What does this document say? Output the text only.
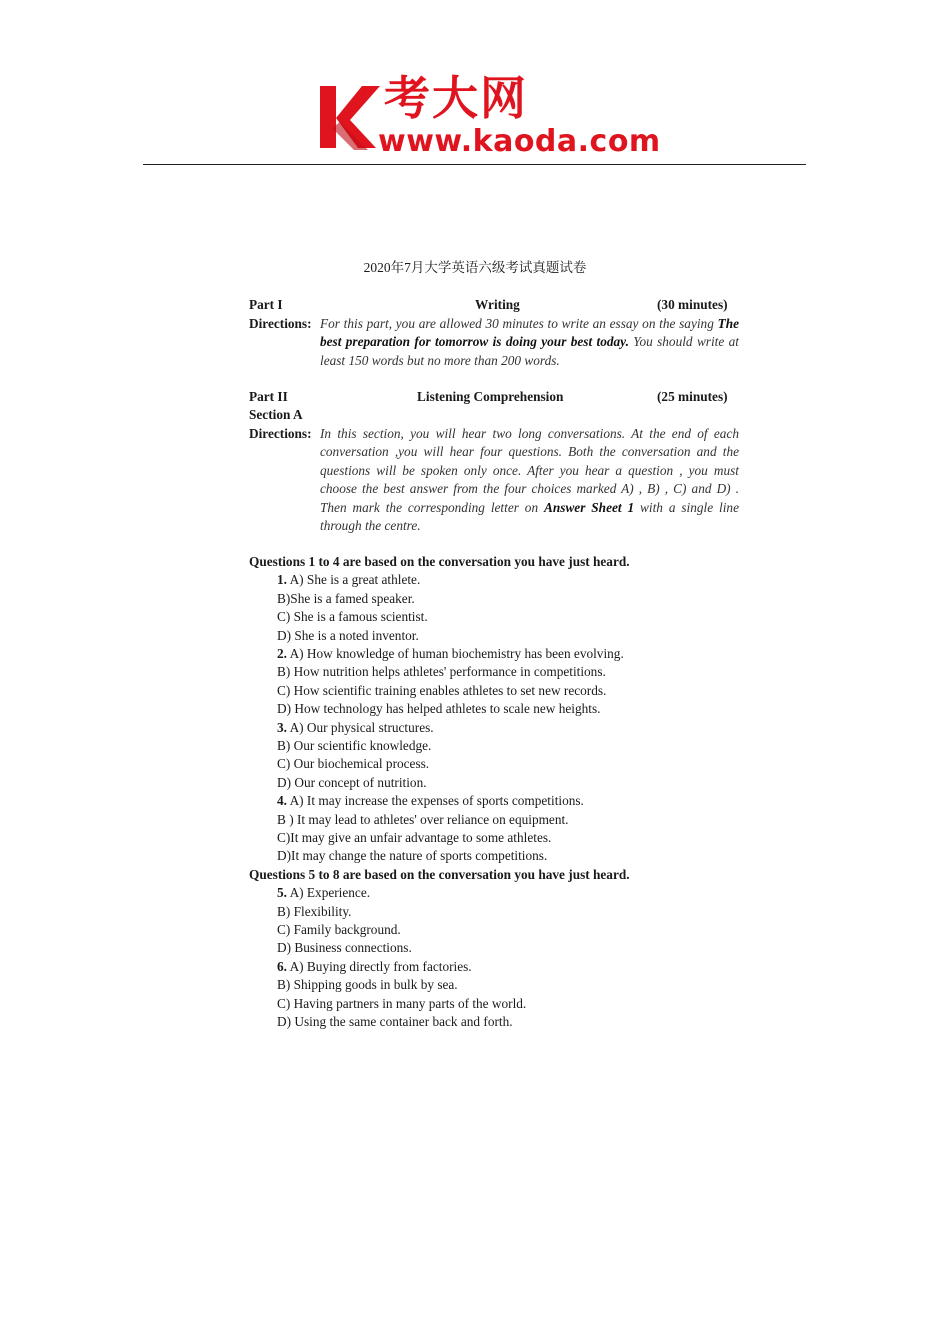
考大网
www.kaoda.com
2020年7月大学英语六级考试真题试卷
Part I	Writing	(30 minutes)
Directions: For this part, you are allowed 30 minutes to write an essay on the saying The best preparation for tomorrow is doing your best today. You should write at least 150 words but no more than 200 words.
Part II	Listening Comprehension	(25 minutes)
Section A
Directions: In this section, you will hear two long conversations. At the end of each conversation ,you will hear four questions. Both the conversation and the questions will be spoken only once. After you hear a question , you must choose the best answer from the four choices marked A) , B) , C) and D) . Then mark the corresponding letter on Answer Sheet 1 with a single line through the centre.
Questions 1 to 4 are based on the conversation you have just heard.
1. A) She is a great athlete.
B)She is a famed speaker.
C) She is a famous scientist.
D) She is a noted inventor.
2. A) How knowledge of human biochemistry has been evolving.
B) How nutrition helps athletes' performance in competitions.
C) How scientific training enables athletes to set new records.
D) How technology has helped athletes to scale new heights.
3. A) Our physical structures.
B) Our scientific knowledge.
C) Our biochemical process.
D) Our concept of nutrition.
4. A) It may increase the expenses of sports competitions.
B ) It may lead to athletes' over reliance on equipment.
C)It may give an unfair advantage to some athletes.
D)It may change the nature of sports competitions.
Questions 5 to 8 are based on the conversation you have just heard.
5. A) Experience.
B) Flexibility.
C) Family background.
D) Business connections.
6. A) Buying directly from factories.
B) Shipping goods in bulk by sea.
C) Having partners in many parts of the world.
D) Using the same container back and forth.
